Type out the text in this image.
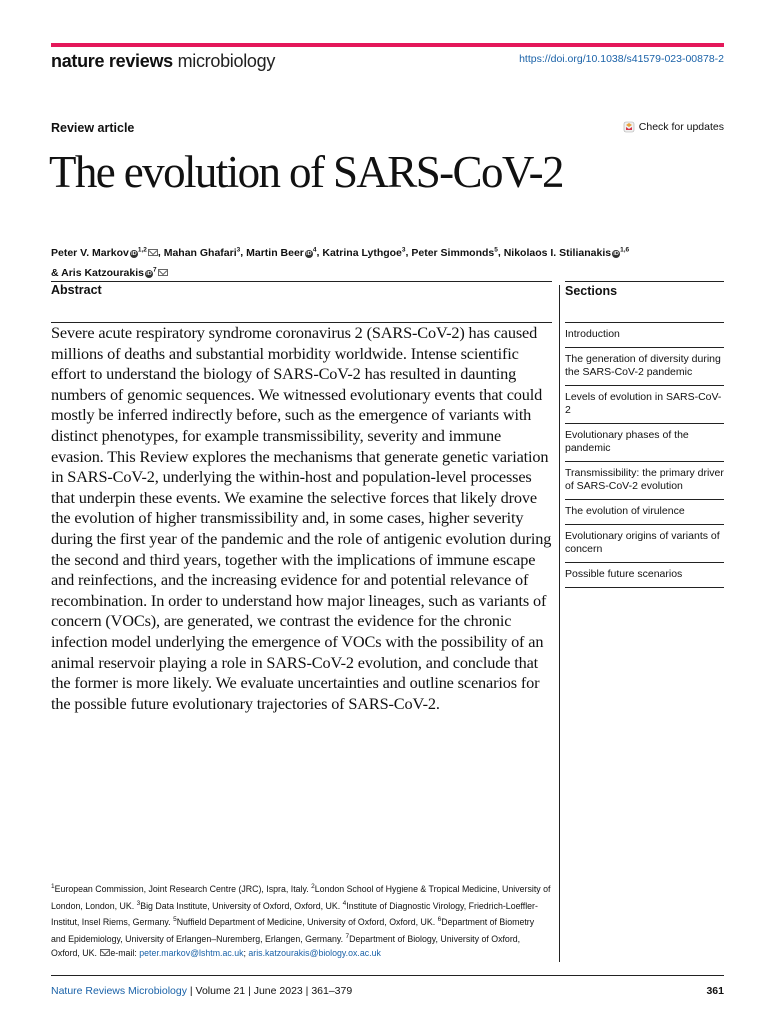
nature reviews microbiology	https://doi.org/10.1038/s41579-023-00878-2
Review article	Check for updates
The evolution of SARS-CoV-2
Peter V. Markov iD$^{1,2}$ , Mahan Ghafari$^3$, Martin Beer $iD^4$, Katrina Lythgoe$^3$, Peter Simmonds$^5$, Nikolaos I. Stilianakis iD$^{1,6}$
& Aris Katzourakis $iD^7$
Abstract
Severe acute respiratory syndrome coronavirus 2 (SARS-CoV-2) has caused millions of deaths and substantial morbidity worldwide. Intense scientific effort to understand the biology of SARS-CoV-2 has resulted in daunting numbers of genomic sequences. We witnessed evolutionary events that could mostly be inferred indirectly before, such as the emergence of variants with distinct phenotypes, for example transmissibility, severity and immune evasion. This Review explores the mechanisms that generate genetic variation in SARS-CoV-2, underlying the within-host and population-level processes that underpin these events. We examine the selective forces that likely drove the evolution of higher transmissibility and, in some cases, higher severity during the first year of the pandemic and the role of antigenic evolution during the second and third years, together with the implications of immune escape and reinfections, and the increasing evidence for and potential relevance of recombination. In order to understand how major lineages, such as variants of concern (VOCs), are generated, we contrast the evidence for the chronic infection model underlying the emergence of VOCs with the possibility of an animal reservoir playing a role in SARS-CoV-2 evolution, and conclude that the former is more likely. We evaluate uncertainties and outline scenarios for the possible future evolutionary trajectories of SARS-CoV-2.
Sections
Introduction
The generation of diversity during the SARS-CoV-2 pandemic
Levels of evolution in SARS-CoV-2
Evolutionary phases of the pandemic
Transmissibility: the primary driver of SARS-CoV-2 evolution
The evolution of virulence
Evolutionary origins of variants of concern
Possible future scenarios
$^1$European Commission, Joint Research Centre (JRC), Ispra, Italy. $^2$London School of Hygiene & Tropical Medicine, University of London, London, UK. $^3$Big Data Institute, University of Oxford, Oxford, UK. $^4$Institute of Diagnostic Virology, Friedrich-Loeffler-Institut, Insel Riems, Germany. $^5$Nuffield Department of Medicine, University of Oxford, Oxford, UK. $^6$Department of Biometry and Epidemiology, University of Erlangen–Nuremberg, Erlangen, Germany. $^7$Department of Biology, University of Oxford, Oxford, UK. e-mail: peter.markov@lshtm.ac.uk; aris.katzourakis@biology.ox.ac.uk
Nature Reviews Microbiology | Volume 21 | June 2023 | 361–379	361
